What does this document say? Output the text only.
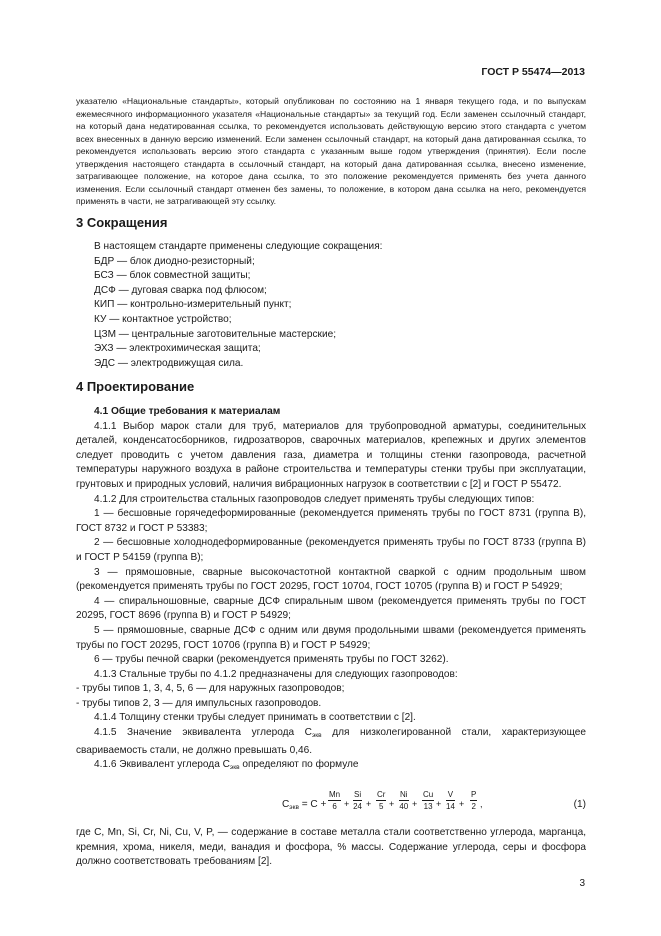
ГОСТ Р 55474—2013

указателю «Национальные стандарты», который опубликован по состоянию на 1 января текущего года, и по выпускам ежемесячного информационного указателя «Национальные стандарты» за текущий год. Если заменен ссылочный стандарт, на который дана недатированная ссылка, то рекомендуется использовать действующую версию этого стандарта с учетом всех внесенных в данную версию изменений. Если заменен ссылочный стандарт, на который дана датированная ссылка, то рекомендуется использовать версию этого стандарта с указанным выше годом утверждения (принятия). Если после утверждения настоящего стандарта в ссылочный стандарт, на который дана датированная ссылка, внесено изменение, затрагивающее положение, на которое дана ссылка, то это положение рекомендуется применять без учета данного изменения. Если ссылочный стандарт отменен без замены, то положение, в котором дана ссылка на него, рекомендуется применять в части, не затрагивающей эту ссылку.

3 Сокращения

В настоящем стандарте применены следующие сокращения:

БДР — блок диодно-резисторный;

БСЗ — блок совместной защиты;

ДСФ — дуговая сварка под флюсом;

КИП — контрольно-измерительный пункт;

КУ — контактное устройство;

ЦЗМ — центральные заготовительные мастерские;

ЭХЗ — электрохимическая защита;

ЭДС — электродвижущая сила.

4 Проектирование

4.1 Общие требования к материалам

4.1.1 Выбор марок стали для труб, материалов для трубопроводной арматуры, соединительных деталей, конденсатосборников, гидрозатворов, сварочных материалов, крепежных и других элементов следует проводить с учетом давления газа, диаметра и толщины стенки газопровода, расчетной температуры наружного воздуха в районе строительства и температуры стенки трубы при эксплуатации, грунтовых и природных условий, наличия вибрационных нагрузок в соответствии с [2] и ГОСТ Р 55472.

4.1.2 Для строительства стальных газопроводов следует применять трубы следующих типов:

1 — бесшовные горячедеформированные (рекомендуется применять трубы по ГОСТ 8731 (группа В), ГОСТ 8732 и ГОСТ Р 53383;

2 — бесшовные холоднодеформированные (рекомендуется применять трубы по ГОСТ 8733 (группа В) и ГОСТ Р 54159 (группа В);

3 — прямошовные, сварные высокочастотной контактной сваркой с одним продольным швом (рекомендуется применять трубы по ГОСТ 20295, ГОСТ 10704, ГОСТ 10705 (группа В) и ГОСТ Р 54929;

4 — спиральношовные, сварные ДСФ спиральным швом (рекомендуется применять трубы по ГОСТ 20295, ГОСТ 8696 (группа В) и ГОСТ Р 54929;

5 — прямошовные, сварные ДСФ с одним или двумя продольными швами (рекомендуется применять трубы по ГОСТ 20295, ГОСТ 10706 (группа В) и ГОСТ Р 54929;

6 — трубы печной сварки (рекомендуется применять трубы по ГОСТ 3262).

4.1.3 Стальные трубы по 4.1.2 предназначены для следующих газопроводов:

- трубы типов 1, 3, 4, 5, 6 — для наружных газопроводов;

- трубы типов 2, 3 — для импульсных газопроводов.

4.1.4 Толщину стенки трубы следует принимать в соответствии с [2].

4.1.5 Значение эквивалента углерода $С_{экв}$ для низколегированной стали, характеризующее свариваемость стали, не должно превышать 0,46.

4.1.6 Эквивалент углерода $С_{экв}$ определяют по формуле

$С_{экв} = С + \frac{Mn}{6} + \frac{Si}{24} + \frac{Cr}{5} + \frac{Ni}{40} + \frac{Cu}{13} + \frac{V}{14} + \frac{P}{2}$ ,	(1)

где С, Mn, Si, Cr, Ni, Cu, V, P, — содержание в составе металла стали соответственно углерода, марганца, кремния, хрома, никеля, меди, ванадия и фосфора, % массы. Содержание углерода, серы и фосфора должно соответствовать требованиям [2].

3
